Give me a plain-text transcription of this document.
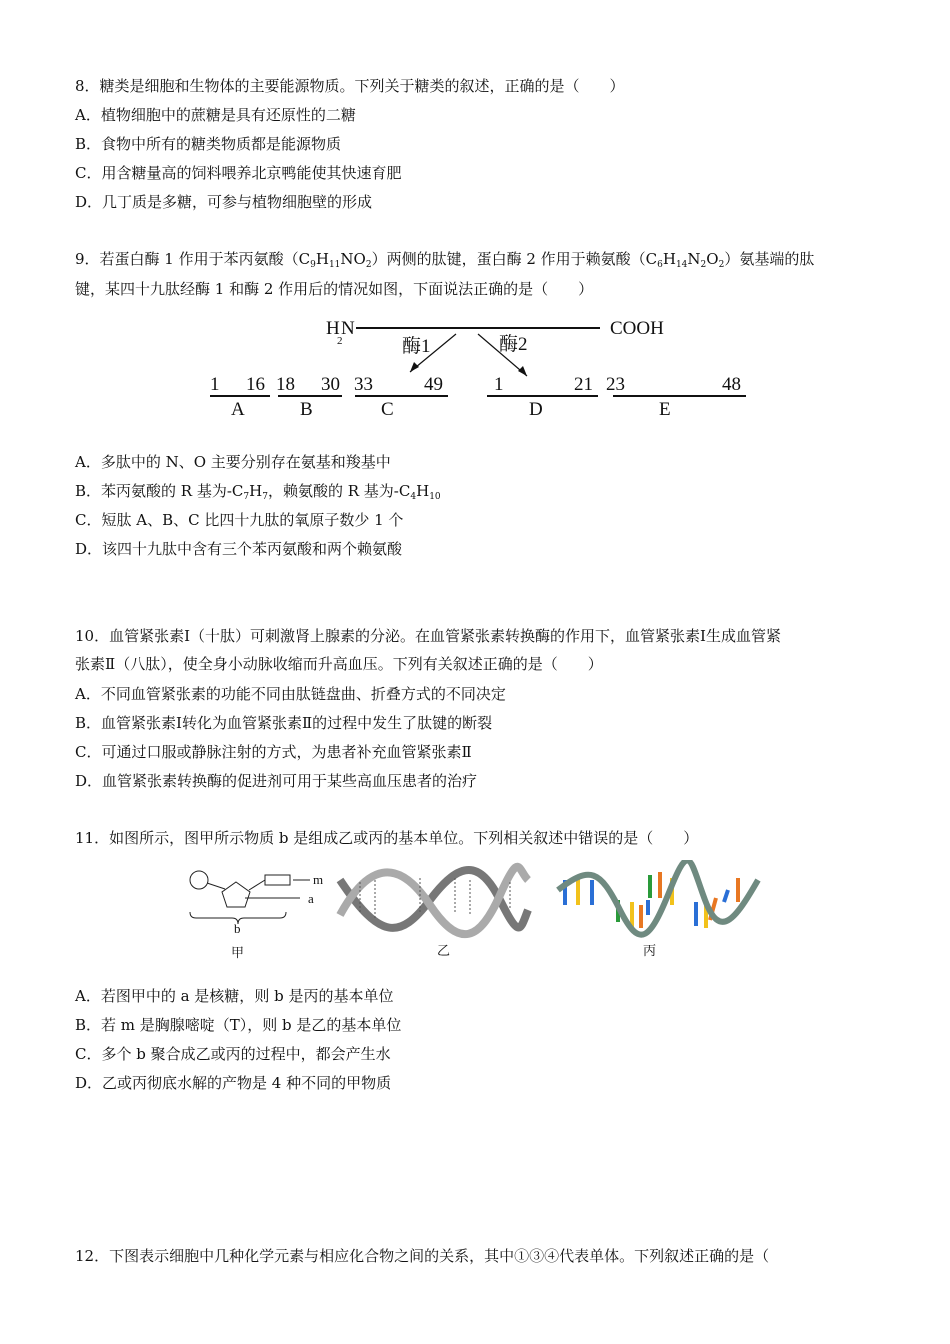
8．糖类是细胞和生物体的主要能源物质。下列关于糖类的叙述，正确的是（　　）
A．植物细胞中的蔗糖是具有还原性的二糖
B．食物中所有的糖类物质都是能源物质
C．用含糖量高的饲料喂养北京鸭能使其快速育肥
D．几丁质是多糖，可参与植物细胞壁的形成
9．若蛋白酶 1 作用于苯丙氨酸$(C_9H_{11}NO_2)$两侧的肽键，蛋白酶 2 作用于赖氨酸$(C_6H_{14}N_2O_2)$氨基端的肽
键，某四十九肽经酶 1 和酶 2 作用后的情况如图，下面说法正确的是（　　）
H
2
N	COOH
酶1	酶2
1 16
A
18 30
B
33	49
C
1	21
D
23	48
E
A．多肽中的 N、O 主要分别存在氨基和羧基中
B．苯丙氨酸的 R 基为$-C_7H_7$，赖氨酸的 R 基为$-C_4H_{10}$
C．短肽 A、B、C 比四十九肽的氧原子数少 1 个
D．该四十九肽中含有三个苯丙氨酸和两个赖氨酸
10．血管紧张素Ⅰ（十肽）可刺激肾上腺素的分泌。在血管紧张素转换酶的作用下，血管紧张素Ⅰ生成血管紧
张素Ⅱ（八肽），使全身小动脉收缩而升高血压。下列有关叙述正确的是（　　）
A．不同血管紧张素的功能不同由肽链盘曲、折叠方式的不同决定
B．血管紧张素Ⅰ转化为血管紧张素Ⅱ的过程中发生了肽键的断裂
C．可通过口服或静脉注射的方式，为患者补充血管紧张素Ⅱ
D．血管紧张素转换酶的促进剂可用于某些高血压患者的治疗
11．如图所示，图甲所示物质 b 是组成乙或丙的基本单位。下列相关叙述中错误的是（　　）
m
a
b
甲	乙	丙
A．若图甲中的 a 是核糖，则 b 是丙的基本单位
B．若 m 是胸腺嘧啶（T），则 b 是乙的基本单位
C．多个 b 聚合成乙或丙的过程中，都会产生水
D．乙或丙彻底水解的产物是 4 种不同的甲物质
12．下图表示细胞中几种化学元素与相应化合物之间的关系，其中①③④代表单体。下列叙述正确的是（
